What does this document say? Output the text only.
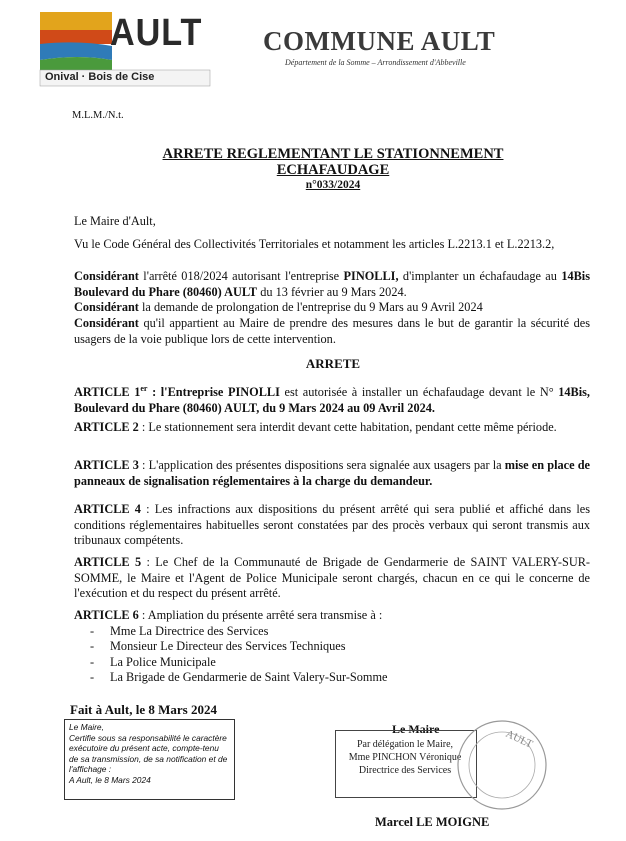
AULT
Onival · Bois de Cise
COMMUNE AULT
Département de la Somme – Arrondissement d'Abbeville
M.L.M./N.t.
ARRETE REGLEMENTANT LE STATIONNEMENT
ECHAFAUDAGE
n°033/2024
Le Maire d'Ault,
Vu le Code Général des Collectivités Territoriales et notamment les articles L.2213.1 et L.2213.2,
Considérant l'arrêté 018/2024 autorisant l'entreprise PINOLLI, d'implanter un échafaudage au 14Bis Boulevard du Phare (80460) AULT du 13 février au 9 Mars 2024.
Considérant la demande de prolongation de l'entreprise du 9 Mars au 9 Avril 2024
Considérant qu'il appartient au Maire de prendre des mesures dans le but de garantir la sécurité des usagers de la voie publique lors de cette intervention.
ARRETE
ARTICLE 1er : l'Entreprise PINOLLI est autorisée à installer un échafaudage devant le N° 14Bis, Boulevard du Phare (80460) AULT, du 9 Mars 2024 au 09 Avril 2024.
ARTICLE 2 : Le stationnement sera interdit devant cette habitation, pendant cette même période.
ARTICLE 3 : L'application des présentes dispositions sera signalée aux usagers par la mise en place de panneaux de signalisation réglementaires à la charge du demandeur.
ARTICLE 4 : Les infractions aux dispositions du présent arrêté qui sera publié et affiché dans les conditions réglementaires habituelles seront constatées par des procès verbaux qui seront transmis aux tribunaux compétents.
ARTICLE 5 : Le Chef de la Communauté de Brigade de Gendarmerie de SAINT VALERY-SUR-SOMME, le Maire et l'Agent de Police Municipale seront chargés, chacun en ce qui le concerne de l'exécution et du respect du présent arrêté.
ARTICLE 6 : Ampliation du présente arrêté sera transmise à :
- Mme La Directrice des Services
- Monsieur Le Directeur des Services Techniques
- La Police Municipale
- La Brigade de Gendarmerie de Saint Valery-Sur-Somme
Fait à Ault, le 8 Mars 2024
Le Maire,
Certifie sous sa responsabilité le caractère exécutoire du présent acte, compte-tenu de sa transmission, de sa notification et de l'affichage :
A Ault, le 8 Mars 2024
Le Maire
Par délégation le Maire,
Mme PINCHON Véronique
Directrice des Services
AULT
Marcel LE MOIGNE
